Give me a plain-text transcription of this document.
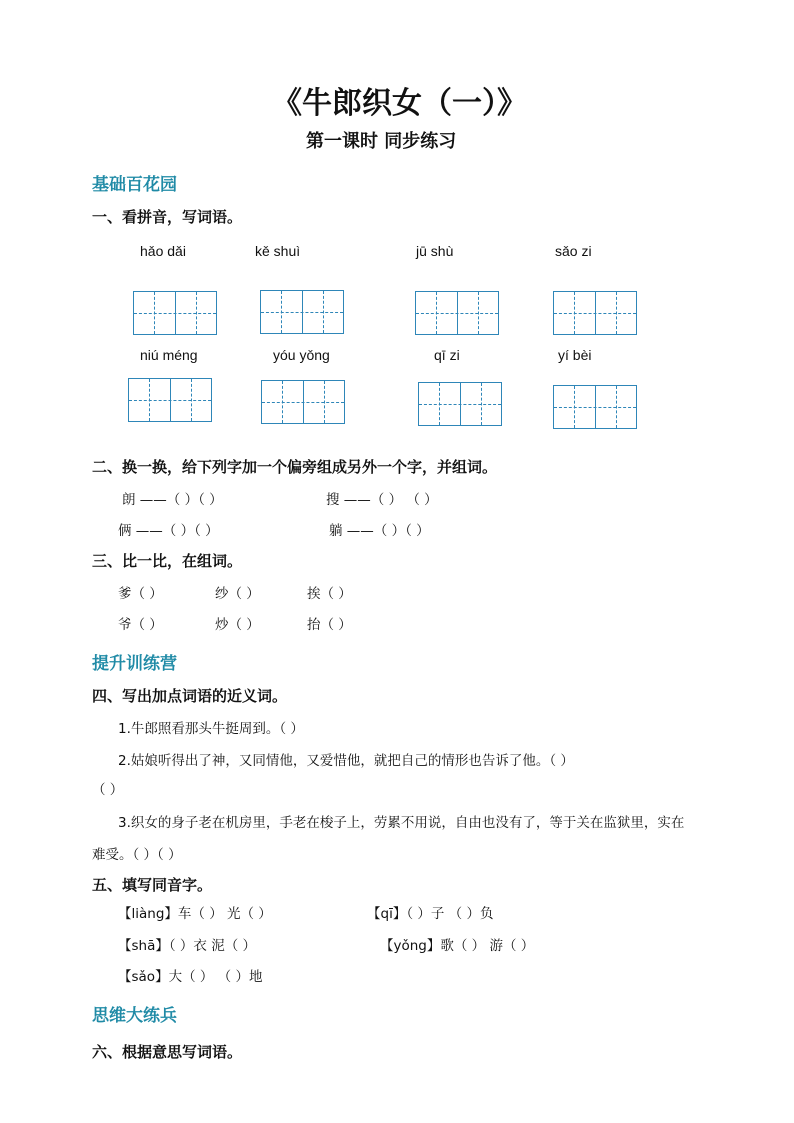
《牛郎织女（一）》
第一课时 同步练习
基础百花园
一、看拼音，写词语。
hǎo dǎi	kě shuì	jū shù	sǎo zi
niú méng	yóu yǒng	qī zi	yí bèi
二、换一换，给下列字加一个偏旁组成另外一个字，并组词。
朗 ——（ ）（ ）	搜 ——（ ） （ ）
俩 ——（ ）（ ）	躺 ——（ ）（ ）
三、比一比，在组词。
爹（ ）	纱（ ）	挨（ ）
爷（ ）	炒（ ）	抬（ ）
提升训练营
四、写出加点词语的近义词。
1.牛郎照看那头牛挺周到。（ ）
2.姑娘听得出了神，又同情他，又爱惜他，就把自己的情形也告诉了他。（ ）
（ ）
3.织女的身子老在机房里，手老在梭子上，劳累不用说，自由也没有了，等于关在监狱里，实在
难受。（ ）（ ）
五、填写同音字。
【liàng】车（ ） 光（ ）	【qī】（ ）子 （ ）负
【shā】（ ）衣 泥（ ）	【yǒng】歌（ ） 游（ ）
【sǎo】大（ ） （ ）地
思维大练兵
六、根据意思写词语。
